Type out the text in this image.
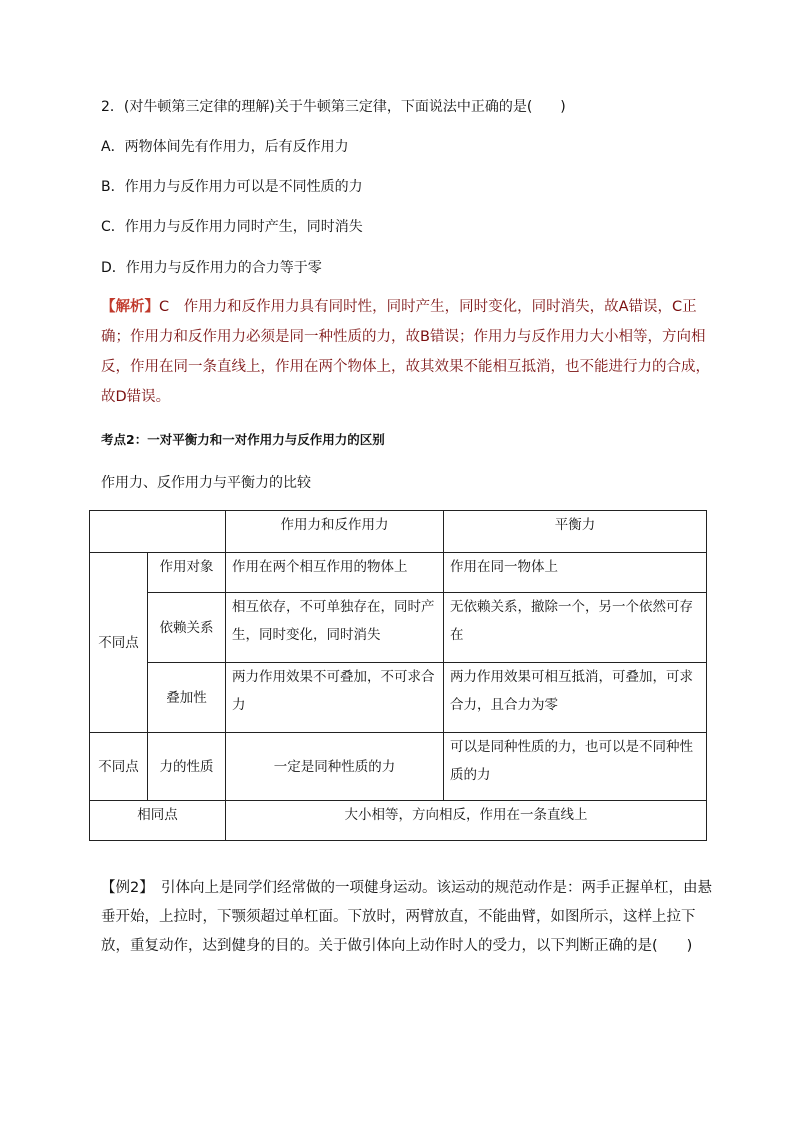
2．(对牛顿第三定律的理解)关于牛顿第三定律，下面说法中正确的是(　　)
A．两物体间先有作用力，后有反作用力
B．作用力与反作用力可以是不同性质的力
C．作用力与反作用力同时产生，同时消失
D．作用力与反作用力的合力等于零
【解析】C　作用力和反作用力具有同时性，同时产生，同时变化，同时消失，故A错误，C正确；作用力和反作用力必须是同一种性质的力，故B错误；作用力与反作用力大小相等，方向相反，作用在同一条直线上，作用在两个物体上，故其效果不能相互抵消，也不能进行力的合成，故D错误。
考点2：一对平衡力和一对作用力与反作用力的区别
作用力、反作用力与平衡力的比较
		作用力和反作用力	平衡力
不同点	作用对象	作用在两个相互作用的物体上	作用在同一物体上
	依赖关系	相互依存，不可单独存在，同时产生，同时变化，同时消失	无依赖关系，撤除一个，另一个依然可存在
	叠加性	两力作用效果不可叠加，不可求合力	两力作用效果可相互抵消，可叠加，可求合力，且合力为零
不同点	力的性质	一定是同种性质的力	可以是同种性质的力，也可以是不同种性质的力
相同点		大小相等，方向相反，作用在一条直线上	
【例2】　引体向上是同学们经常做的一项健身运动。该运动的规范动作是：两手正握单杠，由悬垂开始，上拉时，下颚须超过单杠面。下放时，两臂放直，不能曲臂，如图所示，这样上拉下放，重复动作，达到健身的目的。关于做引体向上动作时人的受力，以下判断正确的是(　　)
